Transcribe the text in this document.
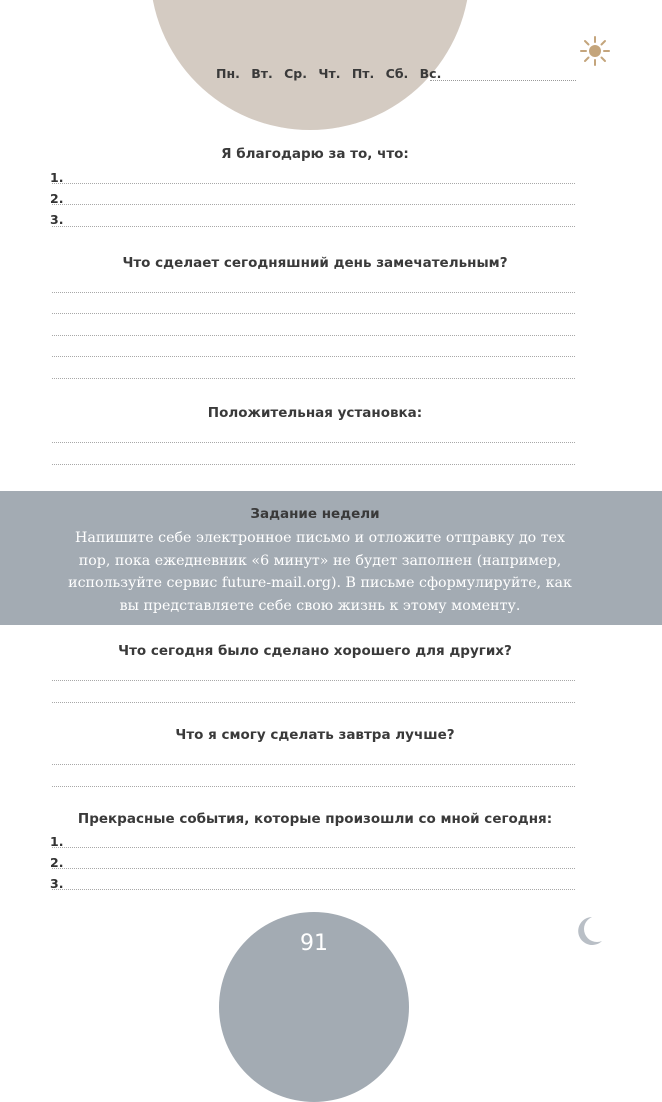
Пн. Вт. Ср. Чт. Пт. Сб. Вс.
Я благодарю за то, что:
1.
2.
3.
Что сделает сегодняшний день замечательным?
Положительная установка:
Задание недели
Напишите себе электронное письмо и отложите отправку до тех
пор, пока ежедневник «6 минут» не будет заполнен (например,
используйте сервис future-mail.org). В письме сформулируйте, как
вы представляете себе свою жизнь к этому моменту.
Что сегодня было сделано хорошего для других?
Что я смогу сделать завтра лучше?
Прекрасные события, которые произошли со мной сегодня:
1.
2.
3.
91
